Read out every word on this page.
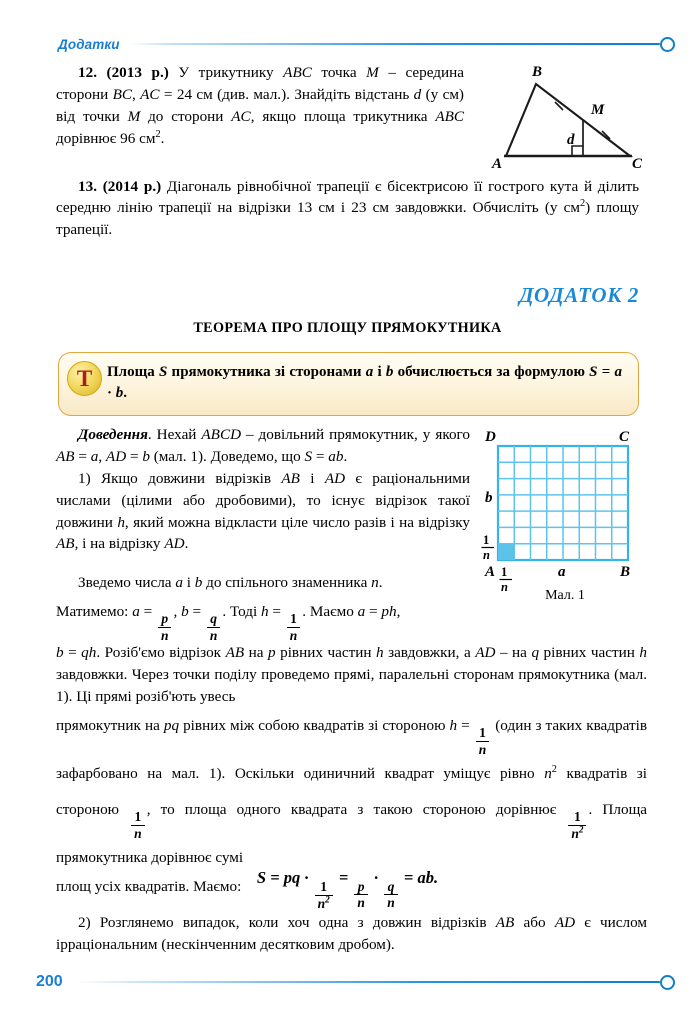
Додатки
B
A	C
M
d

12. (2013 р.) У трикутнику ABC точка M – середина сторони BC, AC = 24 см (див. мал.). Знайдіть відстань d (у см) від точки M до сторони AC, якщо площа трикутника ABC дорівнює 96 $см^2$.

13. (2014 р.) Діагональ рівнобічної трапеції є бісектрисою її гострого кута й ділить середню лінію трапеції на відрізки 13 см і 23 см завдовжки. Обчисліть (у $см^2$) площу трапеції.

ДОДАТОК 2
ТЕОРЕМА ПРО ПЛОЩУ ПРЯМОКУТНИКА
Т Площа S прямокутника зі сторонами a i b обчислюється за формулою S = a · b.

Доведення. Нехай ABCD – довільний прямокутник, у якого AB = a, AD = b (мал. 1). Доведемо, що S = ab.

1) Якщо довжини відрізків AB i AD є раціональними числами (цілими або дробовими), то існує відрізок такої довжини h, який можна відкласти ціле число разів і на відрізку AB, і на відрізку AD.

D	C
A	B
b
a
1
n
1
n
Мал. 1

Зведемо числа a i b до спільного знаменника n.

Матимемо: a =
$\frac{p}{n}$
, b =
$\frac{q}{n}$
. Тоді h =
$\frac{1}{n}$
. Маємо a = ph,

b = qh. Розіб'ємо відрізок AB на p рівних частин h завдовжки, а AD – на q рівних частин h завдовжки. Через точки поділу проведемо прямі, паралельні сторонам прямокутника (мал. 1). Ці прямі розіб'ють увесь

прямокутник на pq рівних між собою квадратів зі стороною h =
$\frac{1}{n}$
(один з таких квадратів зафарбовано на мал. 1). Оскільки одиничний квадрат уміщує рівно $n^2$ квадратів зі стороною
$\frac{1}{n}$
, то площа одного квадрата з такою стороною дорівнює
$\frac{1}{n^2}$
. Площа прямокутника дорівнює сумі

площ усіх квадратів. Маємо: S = pq ·
$\frac{1}{n^2}$
=
$\frac{p}{n}$
·
$\frac{q}{n}$
= ab.

2) Розглянемо випадок, коли хоч одна з довжин відрізків AB або AD є числом ірраціональним (нескінченним десятковим дробом).

200
